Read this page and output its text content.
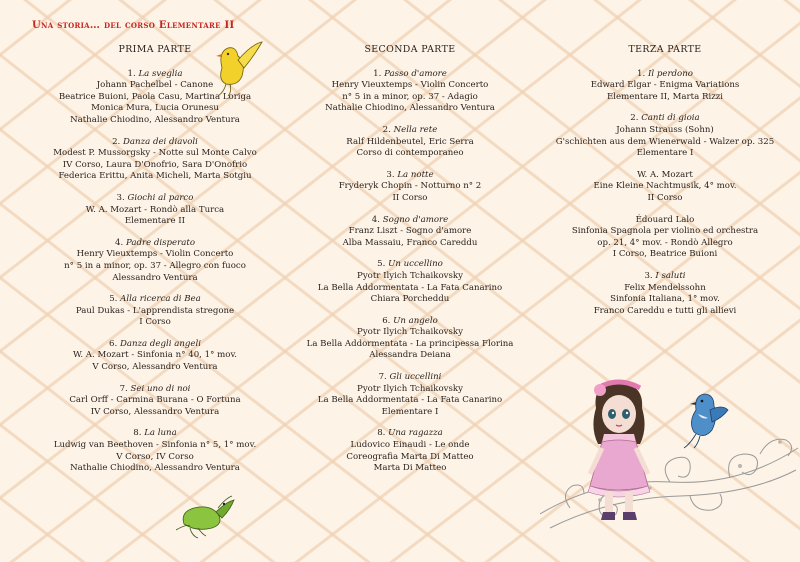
Una storia… del corso Elementare II
PRIMA PARTE
1. La sveglia
Johann Pachelbel - Canone
Beatrice Buioni, Paola Casu, Martina Loriga
Monica Mura, Lucia Orunesu
Nathalie Chiodino, Alessandro Ventura
2. Danza dei diavoli
Modest P. Mussorgsky - Notte sul Monte Calvo
IV Corso, Laura D'Onofrio, Sara D'Onofrio
Federica Erittu, Anita Micheli, Marta Sotgiu
3. Giochi al parco
W. A. Mozart - Rondò alla Turca
Elementare II
4. Padre disperato
Henry Vieuxtemps - Violin Concerto
n° 5 in a minor, op. 37 - Allegro con fuoco
Alessandro Ventura
5. Alla ricerca di Bea
Paul Dukas - L'apprendista stregone
I Corso
6. Danza degli angeli
W. A. Mozart - Sinfonia n° 40, 1° mov.
V Corso, Alessandro Ventura
7. Sei uno di noi
Carl Orff - Carmina Burana - O Fortuna
IV Corso, Alessandro Ventura
8. La luna
Ludwig van Beethoven - Sinfonia n° 5, 1° mov.
V Corso, IV Corso
Nathalie Chiodino, Alessandro Ventura
SECONDA PARTE
1. Passo d'amore
Henry Vieuxtemps - Violin Concerto
n° 5 in a minor, op. 37 - Adagio
Nathalie Chiodino, Alessandro Ventura
2. Nella rete
Ralf Hildenbeutel, Eric Serra
Corso di contemporaneo
3. La notte
Fryderyk Chopin - Notturno n° 2
II Corso
4. Sogno d'amore
Franz Liszt - Sogno d'amore
Alba Massaiu, Franco Careddu
5. Un uccellino
Pyotr Ilyich Tchaikovsky
La Bella Addormentata - La Fata Canarino
Chiara Porcheddu
6. Un angelo
Pyotr Ilyich Tchaikovsky
La Bella Addormentata - La principessa Florina
Alessandra Deiana
7. Gli uccellini
Pyotr Ilyich Tchaikovsky
La Bella Addormentata - La Fata Canarino
Elementare I
8. Una ragazza
Ludovico Einaudi - Le onde
Coreografia Marta Di Matteo
Marta Di Matteo
TERZA PARTE
1. Il perdono
Edward Elgar - Enigma Variations
Elementare II, Marta Rizzi
2. Canti di gioia
Johann Strauss (Sohn)
G'schichten aus dem Wienerwald - Walzer op. 325
Elementare I
W. A. Mozart
Eine Kleine Nachtmusik, 4° mov.
II Corso
Édouard Lalo
Sinfonia Spagnola per violino ed orchestra
op. 21, 4° mov. - Rondò Allegro
I Corso, Beatrice Buioni
3. I saluti
Felix Mendelssohn
Sinfonia Italiana, 1° mov.
Franco Careddu e tutti gli allievi
